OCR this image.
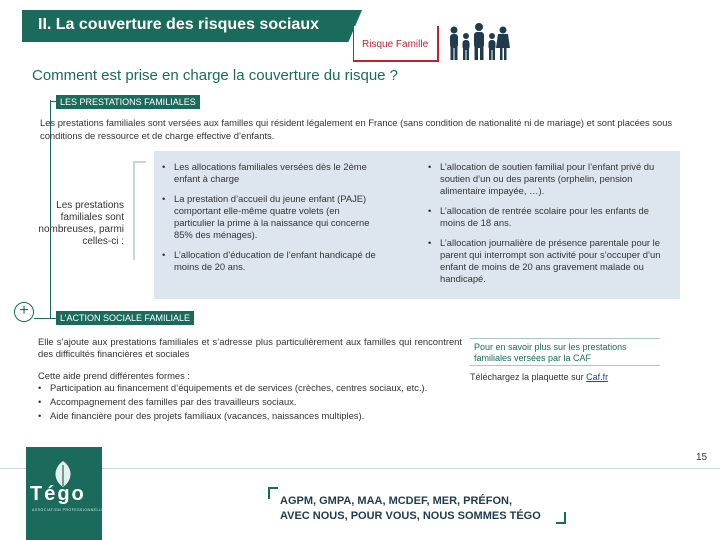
II. La couverture des risques sociaux
Risque Famille
Comment est prise en charge la couverture du risque ?
LES PRESTATIONS FAMILIALES
Les prestations familiales sont versées aux familles qui résident légalement en France (sans condition de nationalité ni de mariage) et sont placées sous conditions de ressource et de charge effective d’enfants.
Les prestations familiales sont nombreuses, parmi celles-ci :
• Les allocations familiales versées dès le 2ème enfant à charge
• La prestation d’accueil du jeune enfant (PAJE) comportant elle-même quatre volets (en particulier la prime à la naissance qui concerne 85% des ménages).
• L’allocation d’éducation de l’enfant handicapé de moins de 20 ans.
• L’allocation de soutien familial pour l’enfant privé du soutien d’un ou des parents (orphelin, pension alimentaire impayée, …).
• L’allocation de rentrée scolaire pour les enfants de moins de 18 ans.
• L’allocation journalière de présence parentale pour le parent qui interrompt son activité pour s’occuper d’un enfant de moins de 20 ans gravement malade ou handicapé.
+	L’ACTION SOCIALE FAMILIALE
Elle s’ajoute aux prestations familiales et s’adresse plus particulièrement aux familles qui rencontrent des difficultés financières et sociales
Cette aide prend différentes formes :
• Participation au financement d’équipements et de services (crèches, centres sociaux, etc.).
• Accompagnement des familles par des travailleurs sociaux.
• Aide financière pour des projets familiaux (vacances, naissances multiples).
Pour en savoir plus sur les prestations familiales versées par la CAF
Téléchargez la plaquette sur Caf.fr
15
Tégo
ASSOCIATION PROFESSIONNELLE
AGPM, GMPA, MAA, MCDEF, MER, PRÉFON,
AVEC NOUS, POUR VOUS, NOUS SOMMES TÉGO
